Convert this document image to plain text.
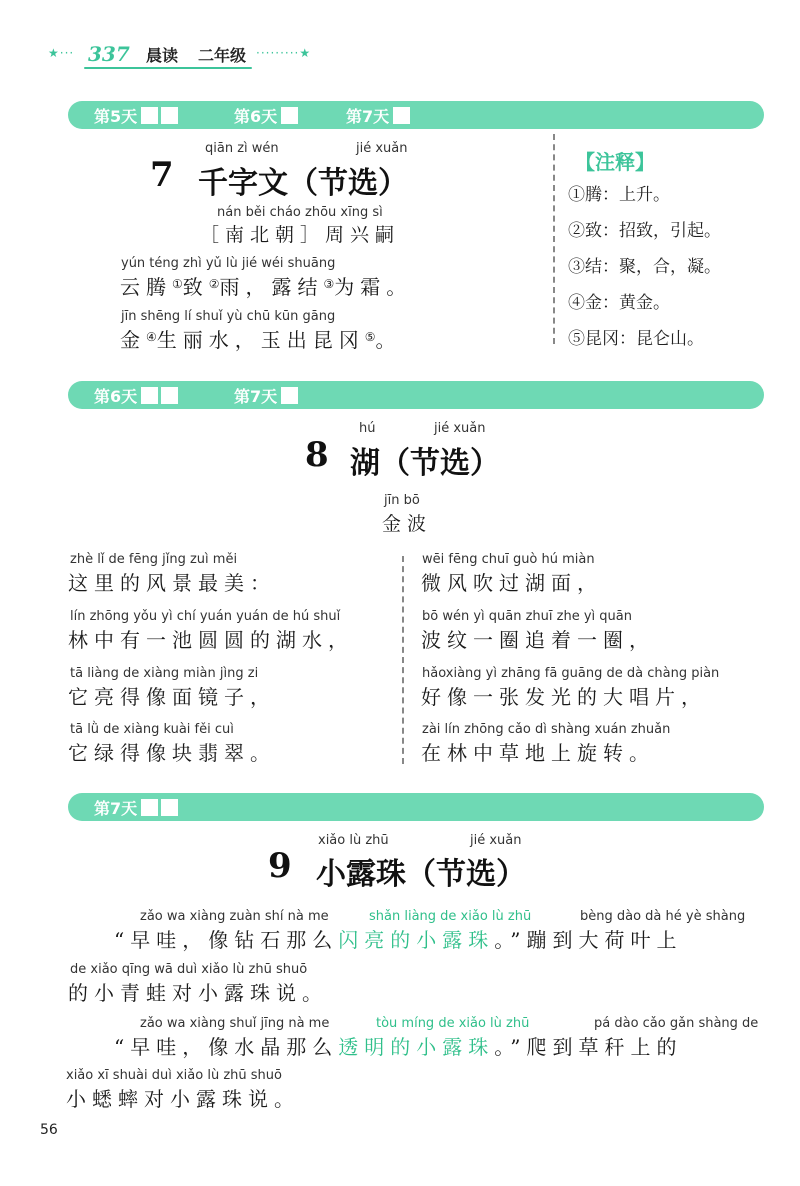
★··· 337 晨读 二年级 ·········★
第5天	第6天	第7天
qiān zì wén	jié xuǎn
7 千字文（节选）
nán běi cháo zhōu xīng sì
［南北朝］周兴嗣
yún téng zhì yǔ lù jié wéi shuāng
云腾①致②雨，露结③为霜。
jīn shēng lí shuǐ yù chū kūn gāng
金④生丽水，玉出昆冈⑤。
【注释】
①腾：上升。
②致：招致，引起。
③结：聚，合，凝。
④金：黄金。
⑤昆冈：昆仑山。
第6天	第7天
hú	jié xuǎn
8 湖（节选）
jīn bō
金波
zhè lǐ de fēng jǐng zuì měi
这里的风景最美：
lín zhōng yǒu yì chí yuán yuán de hú shuǐ
林中有一池圆圆的湖水，
tā liàng de xiàng miàn jìng zi
它亮得像面镜子，
tā lǜ de xiàng kuài fěi cuì
它绿得像块翡翠。
wēi fēng chuī guò hú miàn
微风吹过湖面，
bō wén yì quān zhuī zhe yì quān
波纹一圈追着一圈，
hǎoxiàng yì zhāng fā guāng de dà chàng piàn
好像一张发光的大唱片，
zài lín zhōng cǎo dì shàng xuán zhuǎn
在林中草地上旋转。
第7天
xiǎo lù zhū	jié xuǎn
9 小露珠（节选）
zǎo wa xiàng zuàn shí nà me	shǎn liàng de xiǎo lù zhū	bèng dào dà hé yè shàng
“早哇，像钻石那么闪亮的小露珠。”蹦到大荷叶上
de xiǎo qīng wā duì xiǎo lù zhū shuō
的小青蛙对小露珠说。
zǎo wa xiàng shuǐ jīng nà me	tòu míng de xiǎo lù zhū	pá dào cǎo gǎn shàng de
“早哇，像水晶那么透明的小露珠。”爬到草秆上的
xiǎo xī shuài duì xiǎo lù zhū shuō
小蟋蟀对小露珠说。
56
